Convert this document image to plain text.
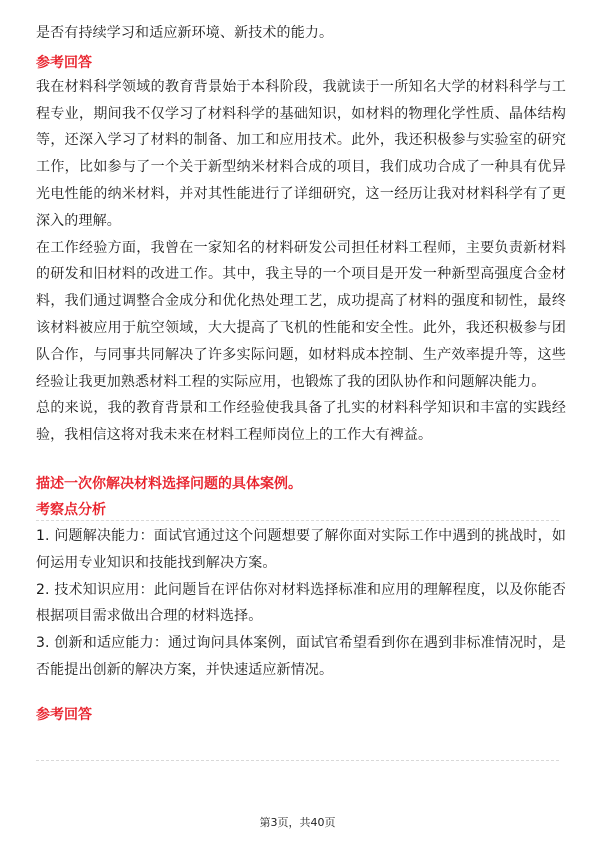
是否有持续学习和适应新环境、新技术的能力。

参考回答

我在材料科学领域的教育背景始于本科阶段，我就读于一所知名大学的材料科学与工程专业，期间我不仅学习了材料科学的基础知识，如材料的物理化学性质、晶体结构等，还深入学习了材料的制备、加工和应用技术。此外，我还积极参与实验室的研究工作，比如参与了一个关于新型纳米材料合成的项目，我们成功合成了一种具有优异光电性能的纳米材料，并对其性能进行了详细研究，这一经历让我对材料科学有了更深入的理解。

在工作经验方面，我曾在一家知名的材料研发公司担任材料工程师，主要负责新材料的研发和旧材料的改进工作。其中，我主导的一个项目是开发一种新型高强度合金材料，我们通过调整合金成分和优化热处理工艺，成功提高了材料的强度和韧性，最终该材料被应用于航空领域，大大提高了飞机的性能和安全性。此外，我还积极参与团队合作，与同事共同解决了许多实际问题，如材料成本控制、生产效率提升等，这些经验让我更加熟悉材料工程的实际应用，也锻炼了我的团队协作和问题解决能力。

总的来说，我的教育背景和工作经验使我具备了扎实的材料科学知识和丰富的实践经验，我相信这将对我未来在材料工程师岗位上的工作大有裨益。

描述一次你解决材料选择问题的具体案例。

考察点分析

1. 问题解决能力：面试官通过这个问题想要了解你面对实际工作中遇到的挑战时，如何运用专业知识和技能找到解决方案。

2. 技术知识应用：此问题旨在评估你对材料选择标准和应用的理解程度，以及你能否根据项目需求做出合理的材料选择。

3. 创新和适应能力：通过询问具体案例，面试官希望看到你在遇到非标准情况时，是否能提出创新的解决方案，并快速适应新情况。

参考回答

第3页，共40页
